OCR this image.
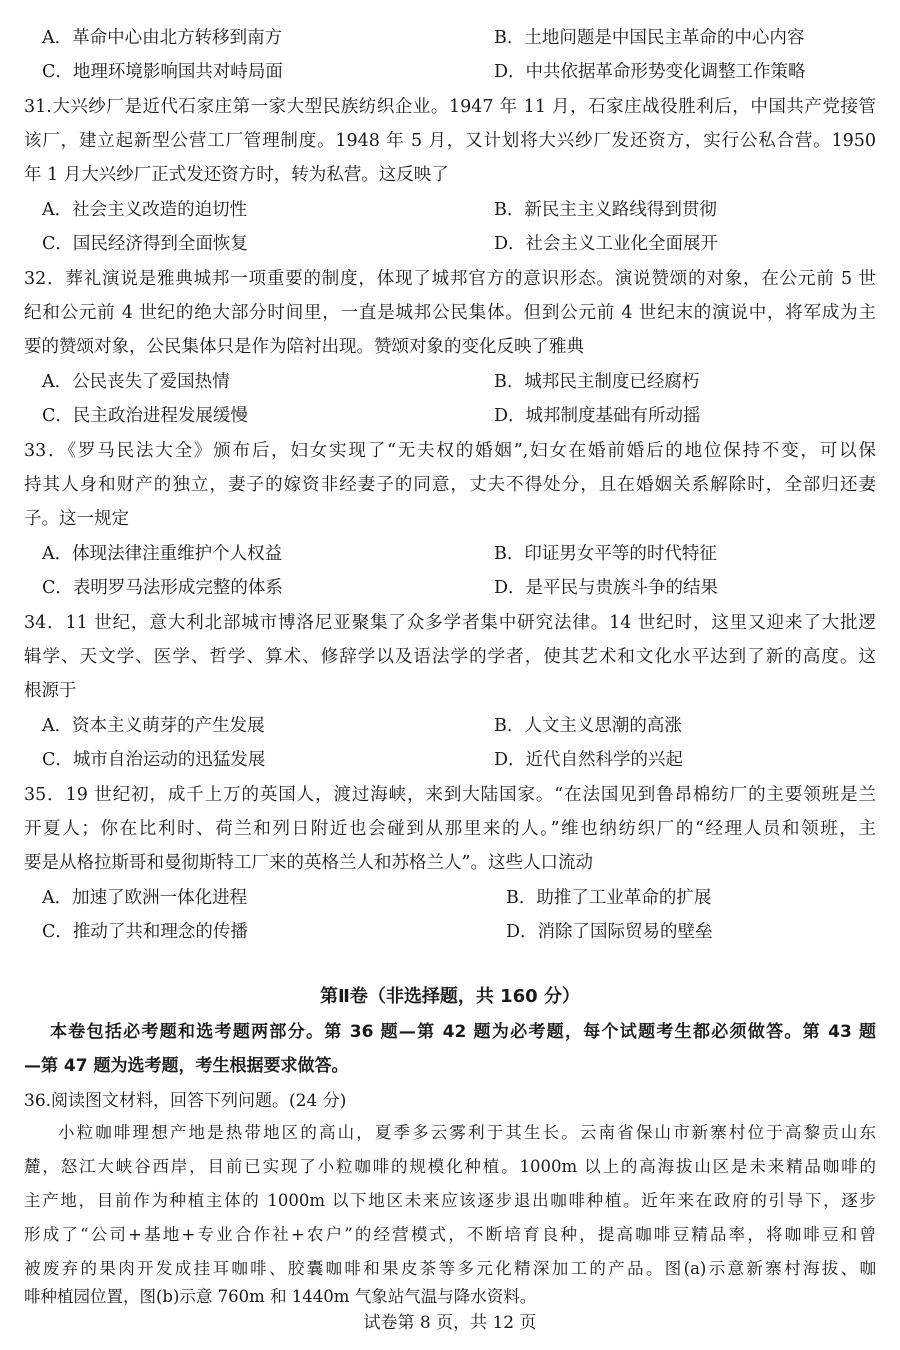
A．革命中心由北方转移到南方	B．土地问题是中国民主革命的中心内容
C．地理环境影响国共对峙局面	D．中共依据革命形势变化调整工作策略
31.大兴纱厂是近代石家庄第一家大型民族纺织企业。1947 年 11 月，石家庄战役胜利后，中国共产党接管
该厂，建立起新型公营工厂管理制度。1948 年 5 月，又计划将大兴纱厂发还资方，实行公私合营。1950
年 1 月大兴纱厂正式发还资方时，转为私营。这反映了
A．社会主义改造的迫切性	B．新民主主义路线得到贯彻
C．国民经济得到全面恢复	D．社会主义工业化全面展开
32．葬礼演说是雅典城邦一项重要的制度，体现了城邦官方的意识形态。演说赞颂的对象，在公元前 5 世
纪和公元前 4 世纪的绝大部分时间里，一直是城邦公民集体。但到公元前 4 世纪末的演说中，将军成为主
要的赞颂对象，公民集体只是作为陪衬出现。赞颂对象的变化反映了雅典
A．公民丧失了爱国热情	B．城邦民主制度已经腐朽
C．民主政治进程发展缓慢	D．城邦制度基础有所动摇
33．《罗马民法大全》颁布后，妇女实现了“无夫权的婚姻”,妇女在婚前婚后的地位保持不变，可以保
持其人身和财产的独立，妻子的嫁资非经妻子的同意，丈夫不得处分，且在婚姻关系解除时，全部归还妻
子。这一规定
A．体现法律注重维护个人权益	B．印证男女平等的时代特征
C．表明罗马法形成完整的体系	D．是平民与贵族斗争的结果
34．11 世纪，意大利北部城市博洛尼亚聚集了众多学者集中研究法律。14 世纪时，这里又迎来了大批逻
辑学、天文学、医学、哲学、算术、修辞学以及语法学的学者，使其艺术和文化水平达到了新的高度。这
根源于
A．资本主义萌芽的产生发展	B．人文主义思潮的高涨
C．城市自治运动的迅猛发展	D．近代自然科学的兴起
35．19 世纪初，成千上万的英国人，渡过海峡，来到大陆国家。“在法国见到鲁昂棉纺厂的主要领班是兰
开夏人；你在比利时、荷兰和列日附近也会碰到从那里来的人。”维也纳纺织厂的“经理人员和领班，主
要是从格拉斯哥和曼彻斯特工厂来的英格兰人和苏格兰人”。这些人口流动
A．加速了欧洲一体化进程	B．助推了工业革命的扩展
C．推动了共和理念的传播	D．消除了国际贸易的壁垒
第Ⅱ卷（非选择题，共 160 分）
本卷包括必考题和选考题两部分。第 36 题—第 42 题为必考题，每个试题考生都必须做答。第 43 题
—第 47 题为选考题，考生根据要求做答。
36.阅读图文材料，回答下列问题。(24 分)
小粒咖啡理想产地是热带地区的高山，夏季多云雾利于其生长。云南省保山市新寨村位于高黎贡山东
麓，怒江大峡谷西岸，目前已实现了小粒咖啡的规模化种植。1000m 以上的高海拔山区是未来精品咖啡的
主产地，目前作为种植主体的 1000m 以下地区未来应该逐步退出咖啡种植。近年来在政府的引导下，逐步
形成了“公司+基地+专业合作社+农户”的经营模式，不断培育良种，提高咖啡豆精品率，将咖啡豆和曾
被废弃的果肉开发成挂耳咖啡、胶囊咖啡和果皮茶等多元化精深加工的产品。图(a)示意新寨村海拔、咖
啡种植园位置，图(b)示意 760m 和 1440m 气象站气温与降水资料。
试卷第 8 页，共 12 页
